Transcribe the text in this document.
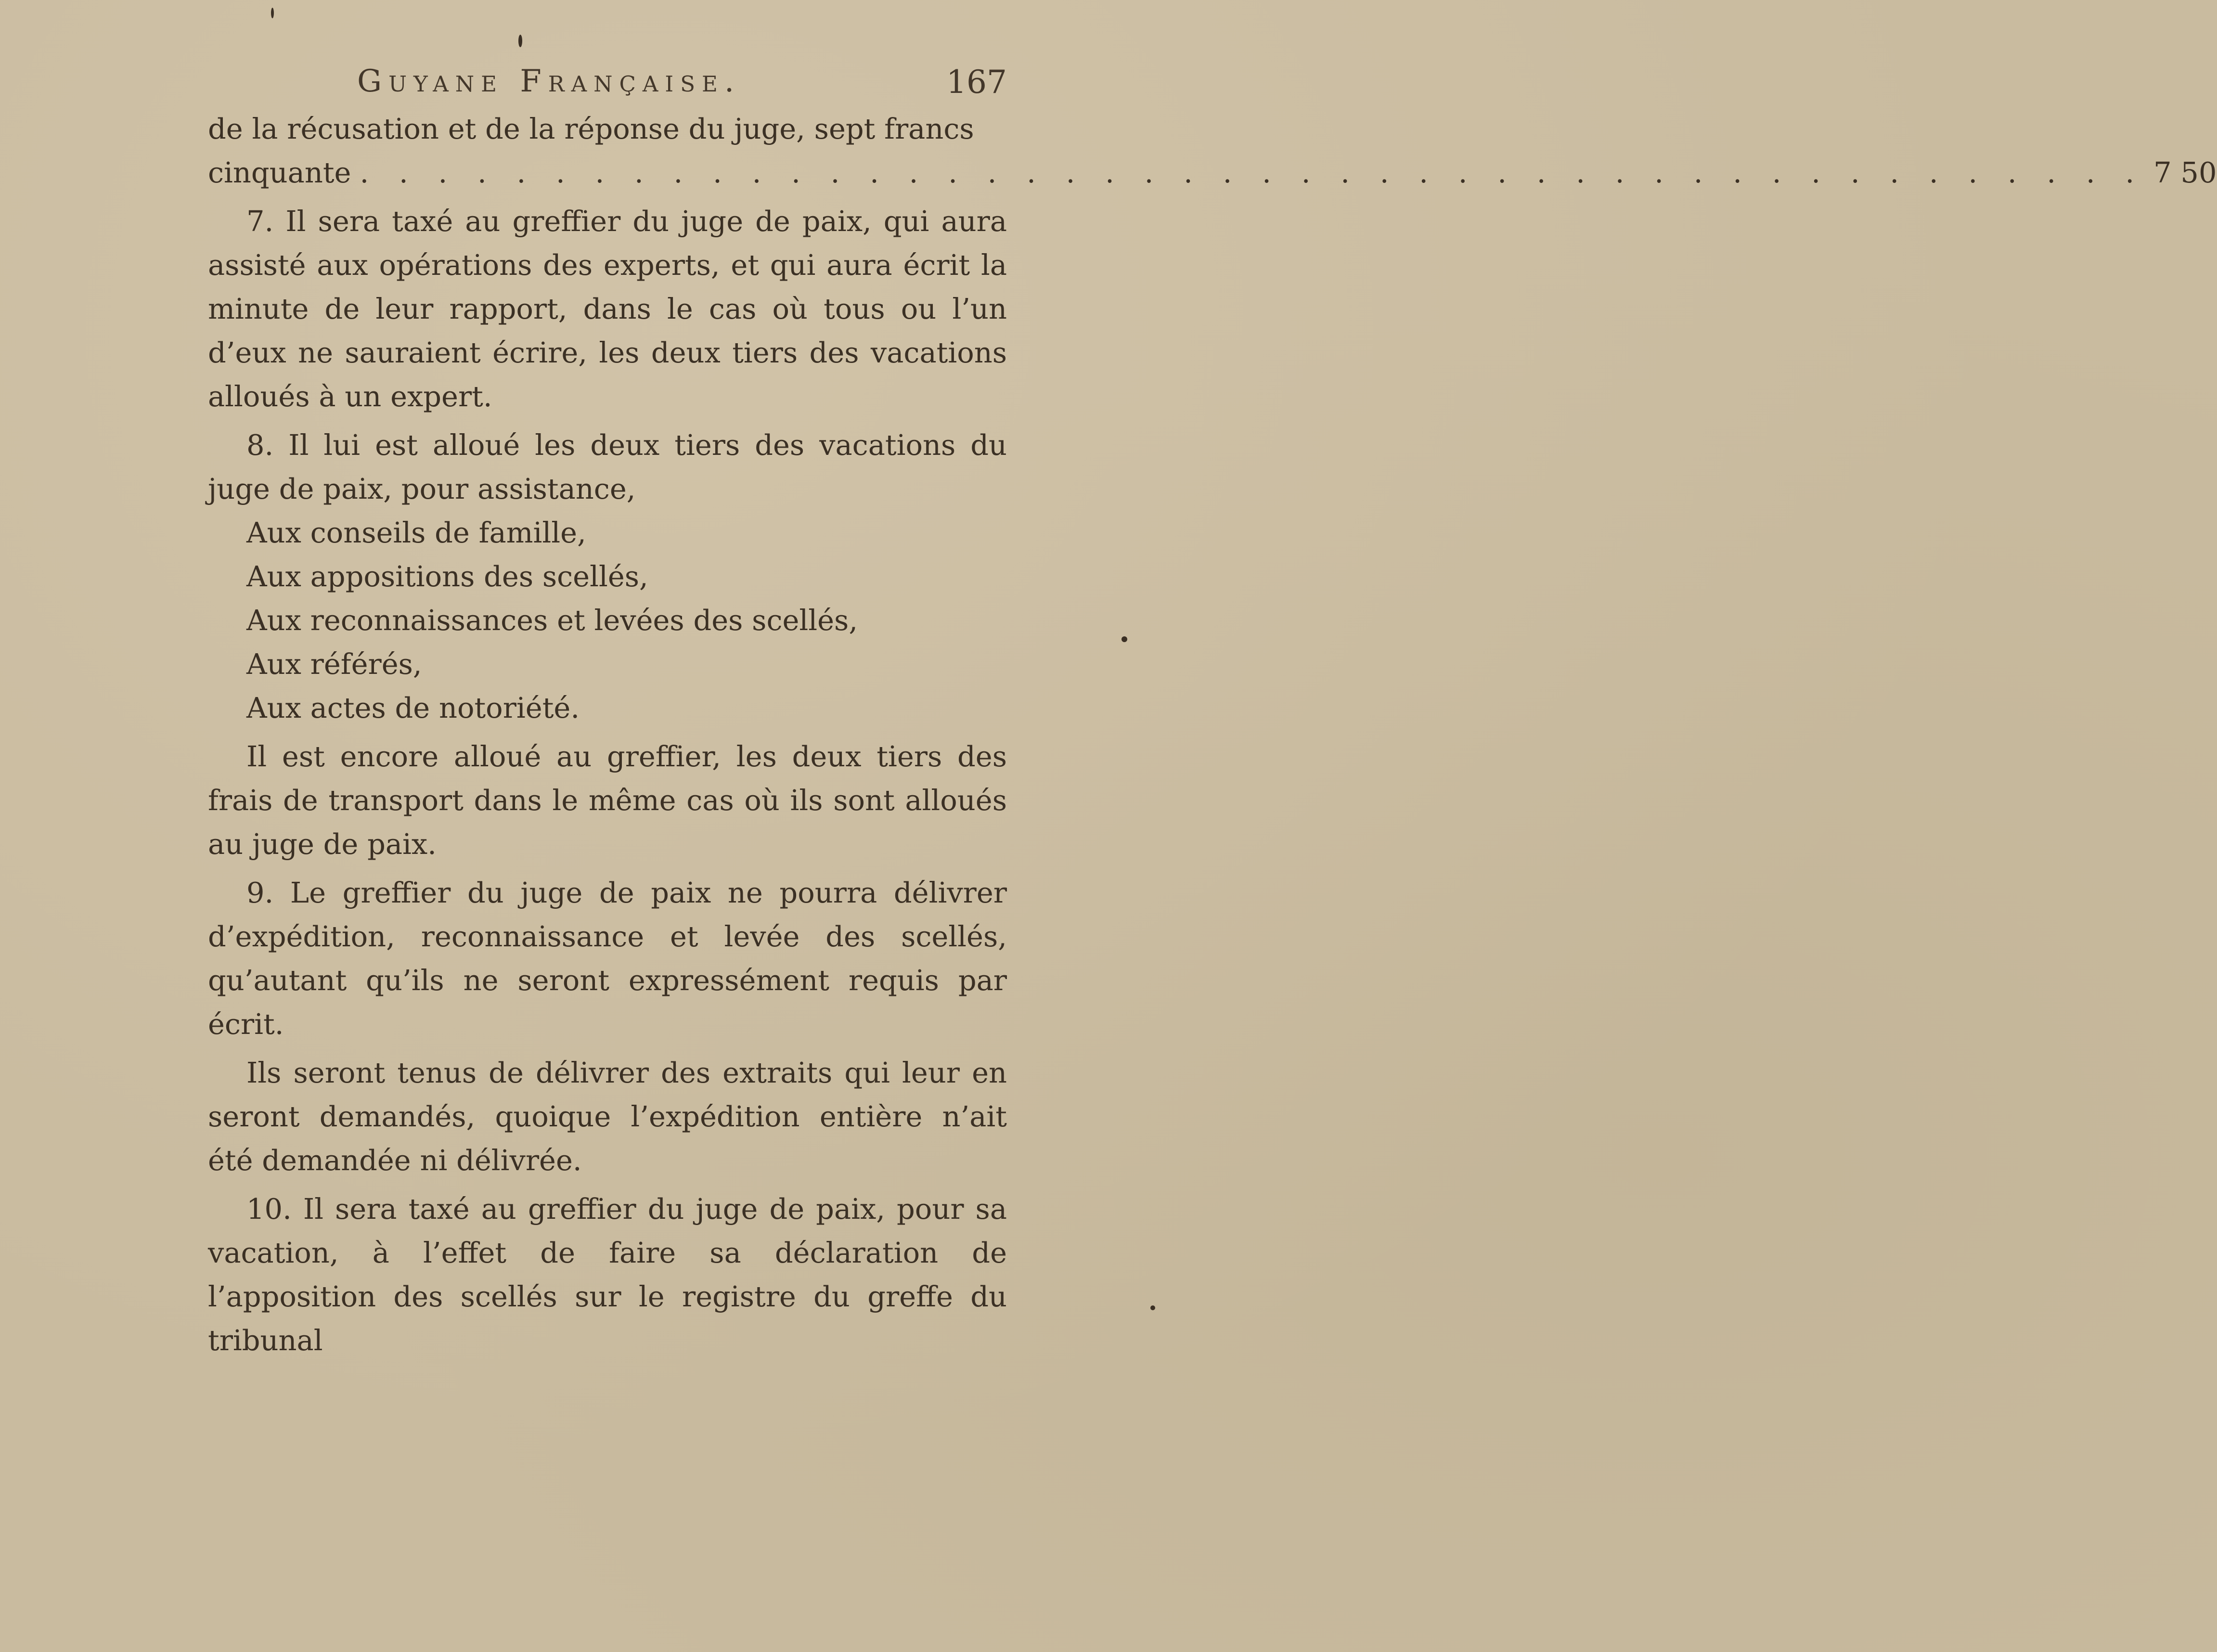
Guyane Française.	167

de la récusation et de la réponse du juge, sept francs

cinquante . . . . . . . . . . . . . . . . . . . . . . . . . . . . . . . . . . . . . . . . . . . . . . 7 50

7. Il sera taxé au greffier du juge de paix, qui aura assisté aux opérations des experts, et qui aura écrit la minute de leur rapport, dans le cas où tous ou l’un d’eux ne sauraient écrire, les deux tiers des vacations alloués à un expert.

8. Il lui est alloué les deux tiers des vacations du juge de paix, pour assistance,

Aux conseils de famille,
Aux appositions des scellés,
Aux reconnaissances et levées des scellés,
Aux référés,
Aux actes de notoriété.

Il est encore alloué au greffier, les deux tiers des frais de transport dans le même cas où ils sont alloués au juge de paix.

9. Le greffier du juge de paix ne pourra délivrer d’expédition, reconnaissance et levée des scellés, qu’autant qu’ils ne seront expressément requis par écrit.

Ils seront tenus de délivrer des extraits qui leur en seront demandés, quoique l’expédition entière n’ait été demandée ni délivrée.

10. Il sera taxé au greffier du juge de paix, pour sa vacation, à l’effet de faire sa déclaration de l’apposition des scellés sur le registre du greffe du tribunal
